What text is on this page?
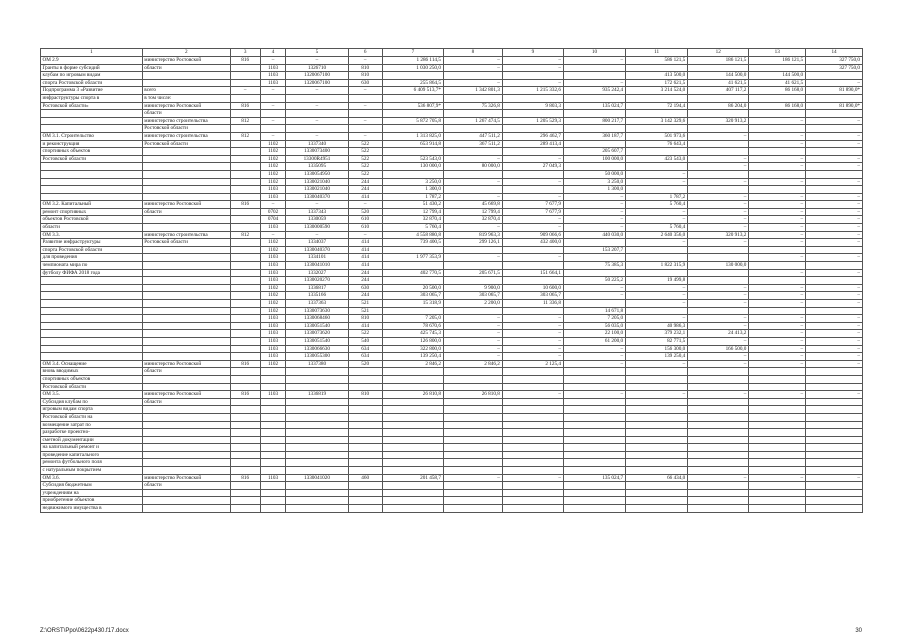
1	2	3	4	5	6	7	8	9	10	11	12	13	14
ОМ 2.9	министерство Ростовской	816	–	–	–	1 286 114,5	–	–	–	586 121,5	186 121,5	186 121,5	327 750,0
Гранты в форме субсидий	области		1103	1326710	810	1 030 250,0	–	–					327 750,0
клубам по игровым видам			1103	1320067100	810					413 500,0	144 500,0	144 500,0	
спорта Ростовской области			1103	1320067100	630	255 864,5	–	–	–	172 621,5	41 621,5	41 621,5	–
Подпрограмма 3 «Развитие	всего	–	–	–	–	6 409 513,7*	1 342 801,3	1 215 332,6	935 242,4	3 214 524,0	407 117,2	86 168,0	81 890,0*
инфраструктуры спорта в	в том числе:												
Ростовской области»	министерство Ростовской	816	–	–	–	536 807,9*	75 326,8	9 803,3	135 024,7	72 194,4	86 204,0	86 168,0	81 890,0*
	области												
	министерство строительства	812	–	–	–	5 872 705,8	1 267 474,5	1 205 529,3	800 217,7	3 142 329,6	320 913,2	–	–
	Ростовской области												
ОМ 3.1. Строительство	министерство строительства	812	–	–	–	1 313 825,0	447 511,2	296 462,7	360 187,7	501 973,6	–	–	–
и реконструкция	Ростовской области		1102	1337340	522	653 914,8	367 511,2	289 413,4		76 643,4		–	–
спортивных объектов			1102	1330073400	522				205 607,7				
Ростовской области			1102	13300R4951	522	523 543,0	–	–	100 000,0	423 543,0	–	–	–
			1102	1335095	522	130 000,0	80 000,0	27 049,3			–	–	–
			1102	1330054950	522				50 000,0	–			
			1102	1330021040	244	3 250,0	–	–	3 250,0	–	–	–	–
			1103	1330021040	244	1 300,0			1 300,0				
			1103	1330040370	414	1 787,2	–	–	–	1 787,2	–	–	–
ОМ 3.2. Капитальный	министерство Ростовской	816	–	–	–	51 430,2	45 669,8	7 677,9	–	5 760,4	–	–	–
ремонт спортивных	области		0702	1337343	520	12 799,4	12 799,4	7 677,9	–	–	–	–	–
объектов Ростовской			0704	1330059	610	32 870,4	32 870,4	–	–	–	–	–	–
области			1103	1330000590	610	5 760,4	–	–	–	5 760,4	–	–	–
ОМ 3.3.	министерство строительства	812	–	–	–	4 558 880,8	819 963,3	909 066,6	440 030,0	2 640 356,0	320 913,2	–	–
Развитие инфраструктуры	Ростовской области		1102	1334037	414	739 400,5	299 126,1	432 400,0		–	–	–	–
спорта Ростовской области			1102	1330040370	414				153 207,7				
для проведения			1103	1334101	414	1 977 353,9	–	–				–	–
чемпионата мира по			1103	1330041010	414				75 385,3	1 822 315,9	130 000,0		
футболу ФИФА 2018 года			1103	1332027	244	402 770,5	205 671,5	151 664,1				–	–
			1103	1330020270	244				50 225,2	19 499,8			
			1102	1336817	630	20 500,0	9 900,0	10 600,0	–	–	–	–	–
			1102	1335166	244	303 065,7	303 065,7	303 065,7	–	–	–	–	–
			1102	1337363	521	15 318,9	2 200,0	11 336,8		–	–	–	–
			1102	1330073630	521				14 671,8				
			1103	1330068460	810	7 205,0	–	–	7 205,0	–	–	–	–
			1103	1330051540	414	78 670,6	–	–	56 035,0	40 986,3	–	–	–
			1103	1330073620	522	425 745,3	–	–	22 100,0	379 232,1	24 413,2	–	–
			1103	1330051540	540	126 800,0	–	–	61 200,0	82 771,5	–	–	–
			1103	1330066630	634	322 800,0	–	–	–	156 300,0	166 500,0	–	–
			1103	1330055300	634	139 250,4	–	–	–	139 250,4	–	–	–
ОМ 3.4. Оснащение	министерство Ростовской	816	1102	1337380	520	2 846,2	2 846,2	2 125,4	–	–	–	–	–
вновь вводимых	области												
спортивных объектов													
Ростовской области													
ОМ 3.5.	министерство Ростовской	816	1103	1336819	810	26 810,8	26 810,8	–	–	–	–	–	–
Субсидия клубам по	области												
игровым видам спорта													
Ростовской области на													
возмещение затрат по													
разработке проектно-													
сметной документации													
на капитальный ремонт и													
проведение капитального													
ремонта футбольного поля													
с натуральным покрытием													
ОМ 3.6.	министерство Ростовской	816	1103	1330041020	460	201 458,7	–	–	135 024,7	66 434,0	–	–	–
Субсидия бюджетным	области												
учреждениям на													
приобретение объектов													
недвижимого имущества в													
Z:\ORST\Ppo\0622p430.f17.docx	30
